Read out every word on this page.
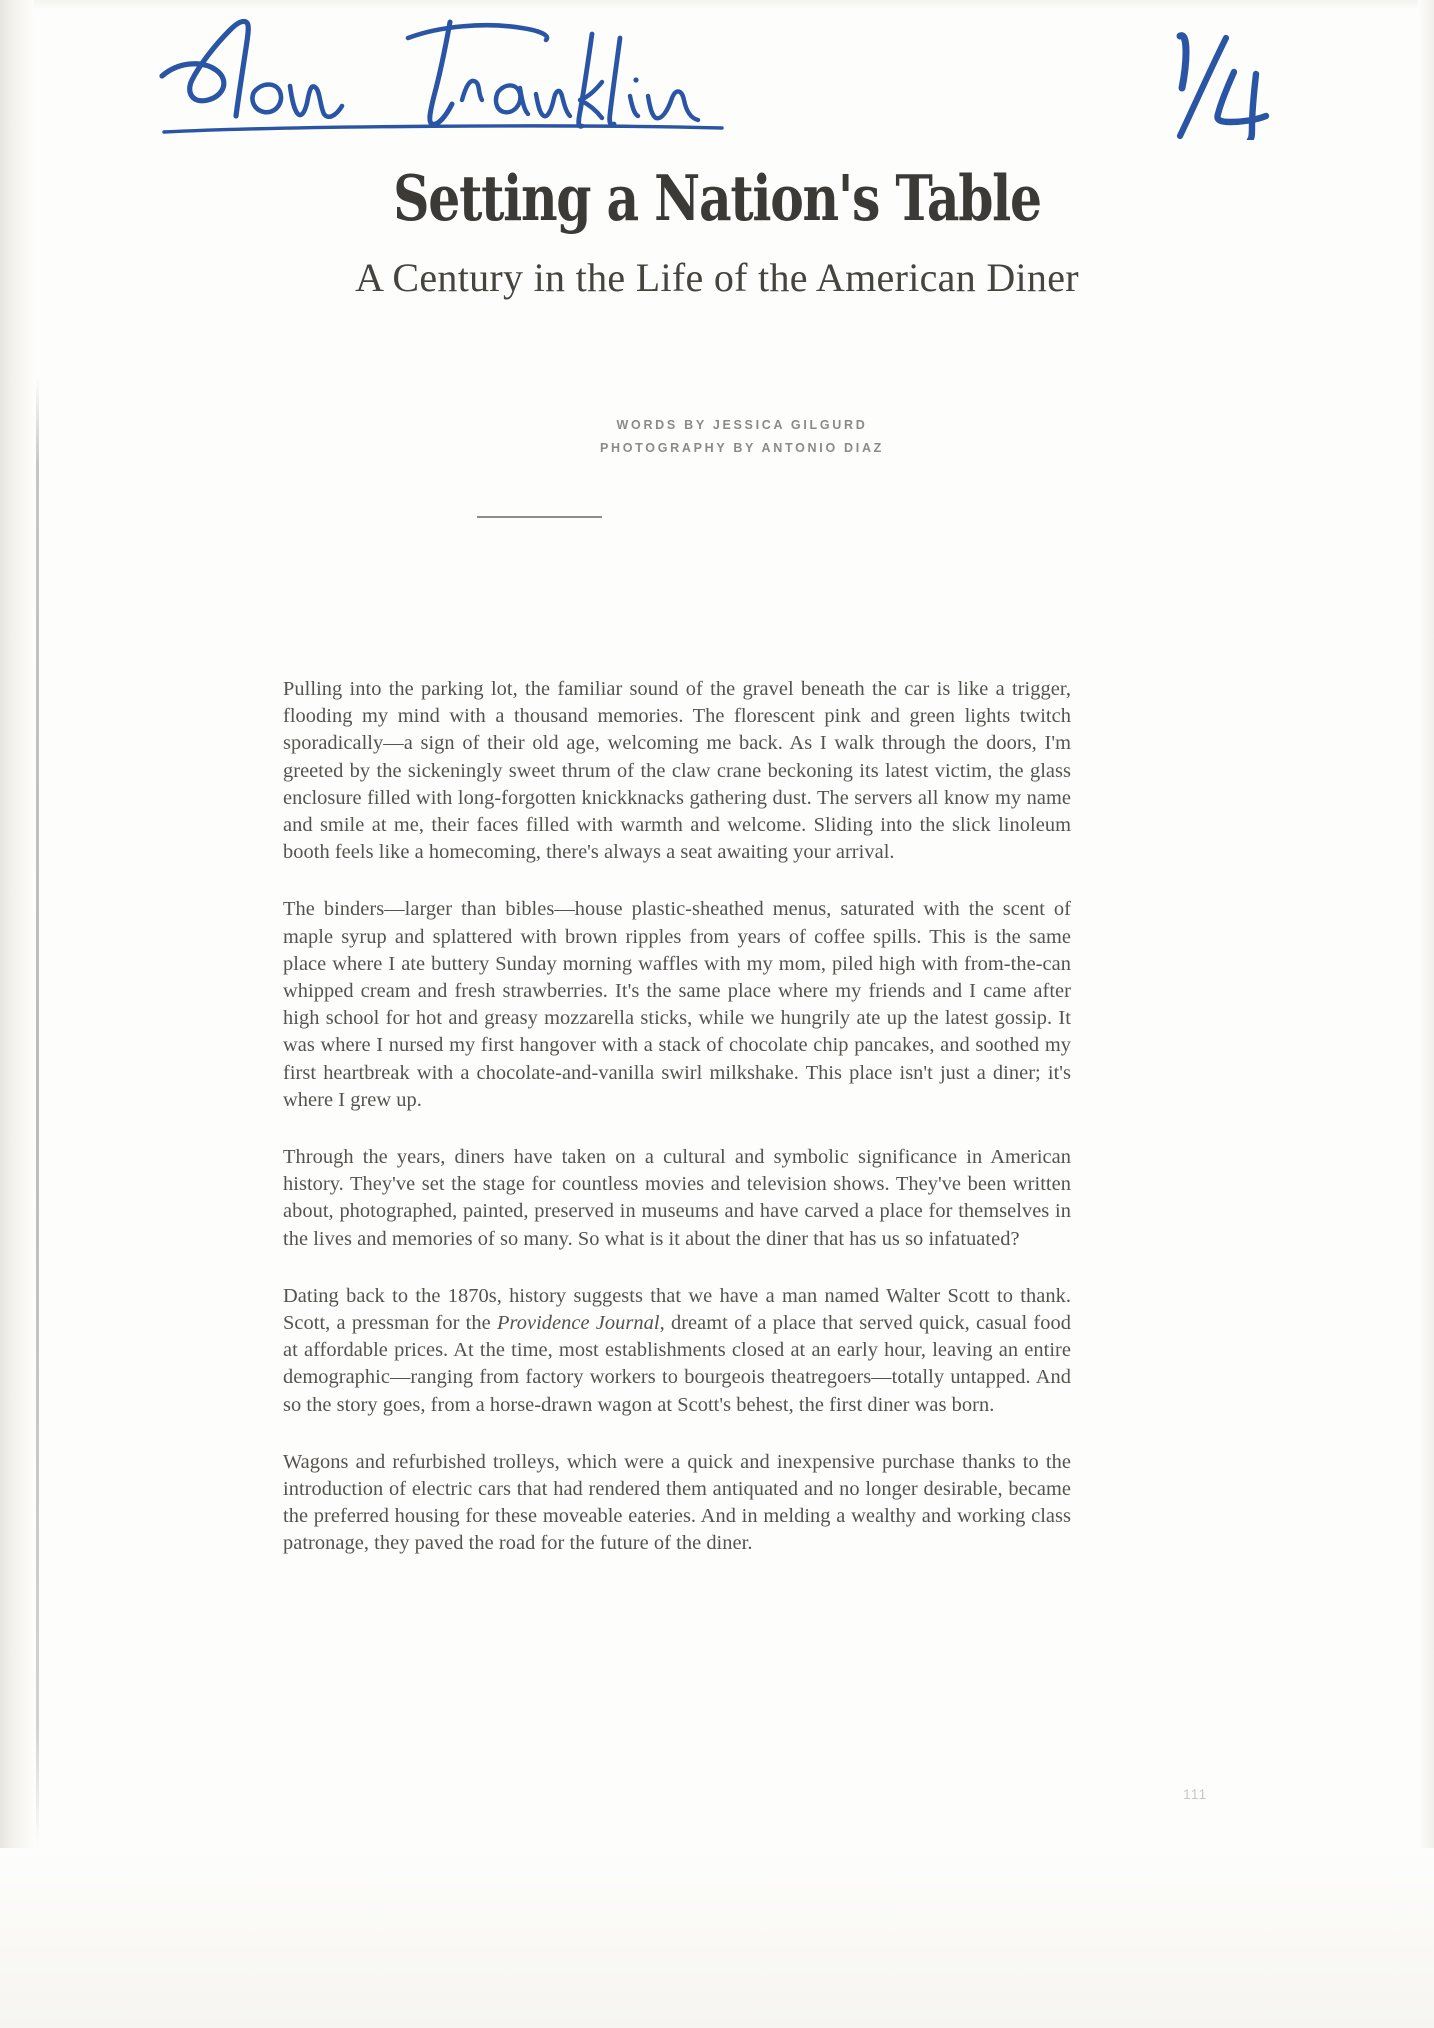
Setting a Nation's Table
A Century in the Life of the American Diner
WORDS BY JESSICA GILGURD
PHOTOGRAPHY BY ANTONIO DIAZ

Pulling into the parking lot, the familiar sound of the gravel beneath the car is like a trigger, flooding my mind with a thousand memories. The florescent pink and green lights twitch sporadically—a sign of their old age, welcoming me back. As I walk through the doors, I'm greeted by the sickeningly sweet thrum of the claw crane beckoning its latest victim, the glass enclosure filled with long-forgotten knickknacks gathering dust. The servers all know my name and smile at me, their faces filled with warmth and welcome. Sliding into the slick linoleum booth feels like a homecoming, there's always a seat awaiting your arrival.

The binders—larger than bibles—house plastic-sheathed menus, saturated with the scent of maple syrup and splattered with brown ripples from years of coffee spills. This is the same place where I ate buttery Sunday morning waffles with my mom, piled high with from-the-can whipped cream and fresh strawberries. It's the same place where my friends and I came after high school for hot and greasy mozzarella sticks, while we hungrily ate up the latest gossip. It was where I nursed my first hangover with a stack of chocolate chip pancakes, and soothed my first heartbreak with a chocolate-and-vanilla swirl milkshake. This place isn't just a diner; it's where I grew up.

Through the years, diners have taken on a cultural and symbolic significance in American history. They've set the stage for countless movies and television shows. They've been written about, photographed, painted, preserved in museums and have carved a place for themselves in the lives and memories of so many. So what is it about the diner that has us so infatuated?

Dating back to the 1870s, history suggests that we have a man named Walter Scott to thank. Scott, a pressman for the Providence Journal, dreamt of a place that served quick, casual food at affordable prices. At the time, most establishments closed at an early hour, leaving an entire demographic—ranging from factory workers to bourgeois theatregoers—totally untapped. And so the story goes, from a horse-drawn wagon at Scott's behest, the first diner was born.

Wagons and refurbished trolleys, which were a quick and inexpensive purchase thanks to the introduction of electric cars that had rendered them antiquated and no longer desirable, became the preferred housing for these moveable eateries. And in melding a wealthy and working class patronage, they paved the road for the future of the diner.

111
